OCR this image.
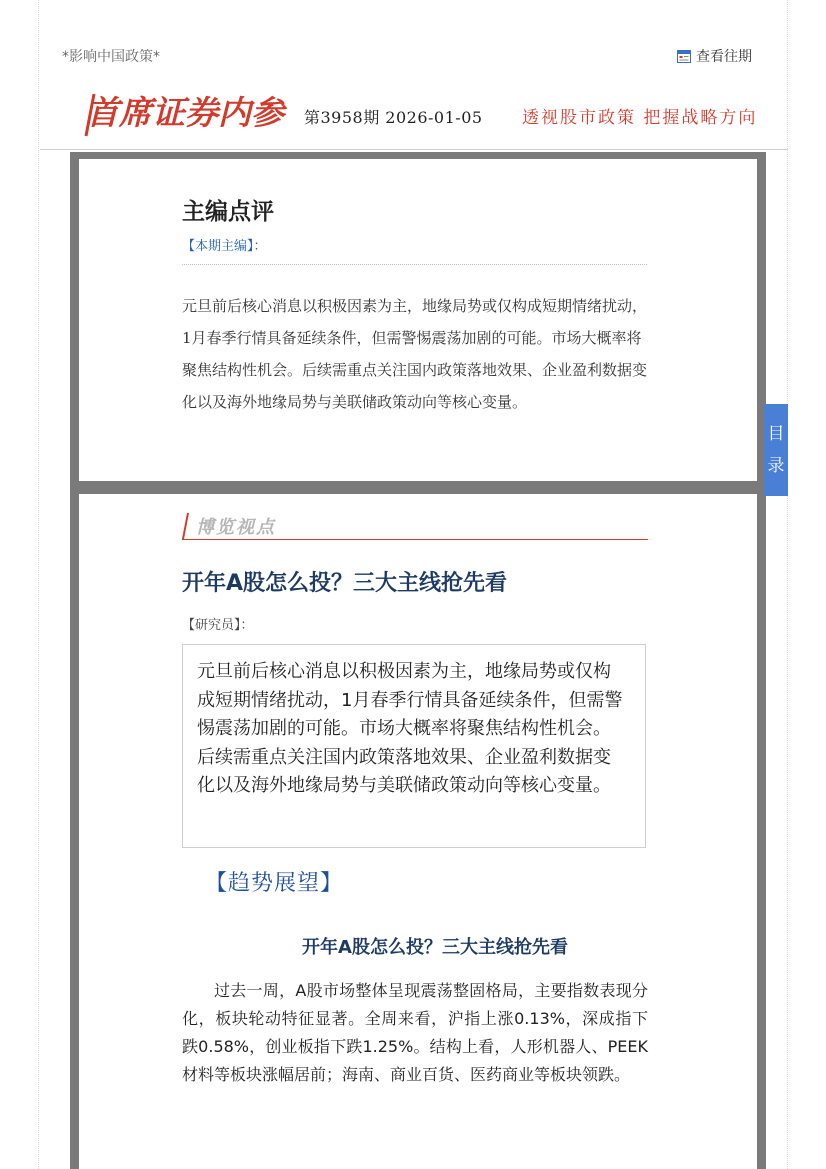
*影响中国政策*	查看往期
首席证券内参 第3958期 2026-01-05 透视股市政策 把握战略方向
主编点评
【本期主编】：
元旦前后核心消息以积极因素为主，地缘局势或仅构成短期情绪扰动，1月春季行情具备延续条件，但需警惕震荡加剧的可能。市场大概率将聚焦结构性机会。后续需重点关注国内政策落地效果、企业盈利数据变化以及海外地缘局势与美联储政策动向等核心变量。
目
录
博览视点
开年A股怎么投？三大主线抢先看
【研究员】：
元旦前后核心消息以积极因素为主，地缘局势或仅构成短期情绪扰动，1月春季行情具备延续条件，但需警惕震荡加剧的可能。市场大概率将聚焦结构性机会。后续需重点关注国内政策落地效果、企业盈利数据变化以及海外地缘局势与美联储政策动向等核心变量。
【趋势展望】
开年A股怎么投？三大主线抢先看
过去一周，A股市场整体呈现震荡整固格局，主要指数表现分化，板块轮动特征显著。全周来看，沪指上涨0.13%，深成指下跌0.58%，创业板指下跌1.25%。结构上看，人形机器人、PEEK材料等板块涨幅居前；海南、商业百货、医药商业等板块领跌。
